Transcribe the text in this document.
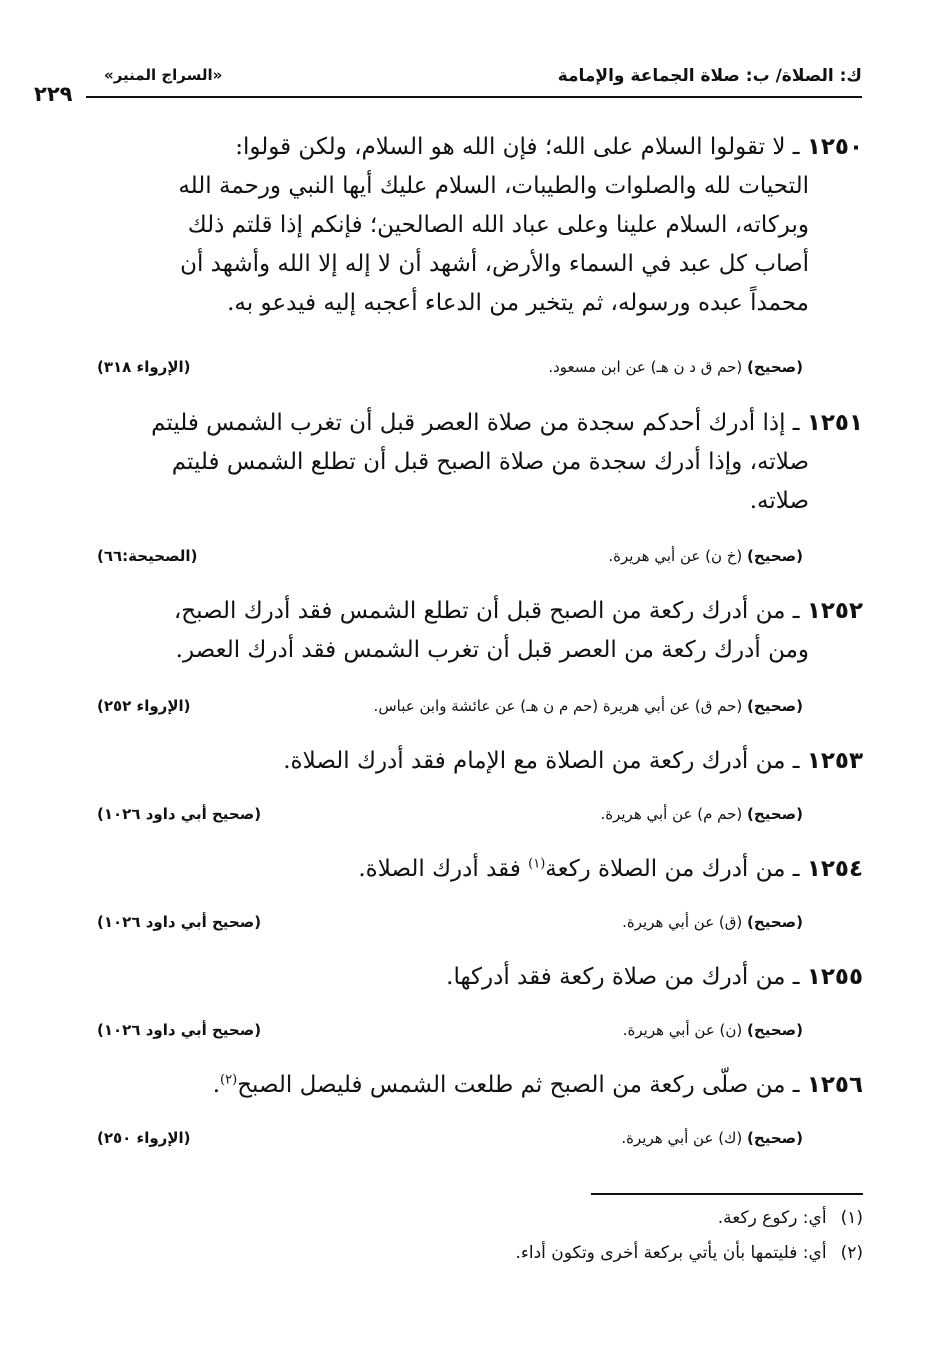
ك: الصلاة/ ب: صلاة الجماعة والإمامة
«السراج المنير»
٢٢٩
١٢٥٠ ـ لا تقولوا السلام على الله؛ فإن الله هو السلام، ولكن قولوا:
التحيات لله والصلوات والطيبات، السلام عليك أيها النبي ورحمة الله
وبركاته، السلام علينا وعلى عباد الله الصالحين؛ فإنكم إذا قلتم ذلك
أصاب كل عبد في السماء والأرض، أشهد أن لا إله إلا الله وأشهد أن
محمداً عبده ورسوله، ثم يتخير من الدعاء أعجبه إليه فيدعو به.
(صحيح) (حم ق د ن هـ) عن ابن مسعود.
(الإرواء ٣١٨)
١٢٥١ ـ إذا أدرك أحدكم سجدة من صلاة العصر قبل أن تغرب الشمس فليتم
صلاته، وإذا أدرك سجدة من صلاة الصبح قبل أن تطلع الشمس فليتم
صلاته.
(صحيح) (خ ن) عن أبي هريرة.
(الصحيحة:٦٦)
١٢٥٢ ـ من أدرك ركعة من الصبح قبل أن تطلع الشمس فقد أدرك الصبح،
ومن أدرك ركعة من العصر قبل أن تغرب الشمس فقد أدرك العصر.
(صحيح) (حم ق) عن أبي هريرة (حم م ن هـ) عن عائشة وابن عباس.
(الإرواء ٢٥٢)
١٢٥٣ ـ من أدرك ركعة من الصلاة مع الإمام فقد أدرك الصلاة.
(صحيح) (حم م) عن أبي هريرة.
(صحيح أبي داود ١٠٢٦)
١٢٥٤ ـ من أدرك من الصلاة ركعة$^{(١)}$ فقد أدرك الصلاة.
(صحيح) (ق) عن أبي هريرة.
(صحيح أبي داود ١٠٢٦)
١٢٥٥ ـ من أدرك من صلاة ركعة فقد أدركها.
(صحيح) (ن) عن أبي هريرة.
(صحيح أبي داود ١٠٢٦)
١٢٥٦ ـ من صلّى ركعة من الصبح ثم طلعت الشمس فليصل الصبح$^{(٢)}$.
(صحيح) (ك) عن أبي هريرة.
(الإرواء ٢٥٠)
(١)أي: ركوع ركعة.
(٢)أي: فليتمها بأن يأتي بركعة أخرى وتكون أداء.
